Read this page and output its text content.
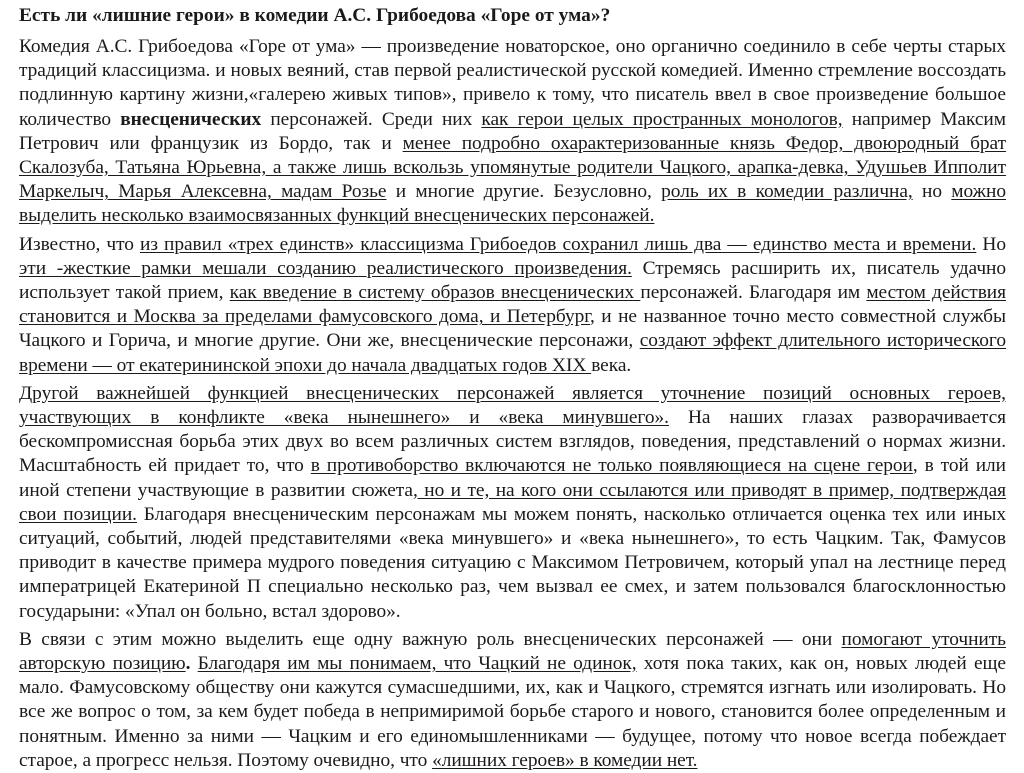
Есть ли «лишние герои» в комедии А.С. Грибоедова «Горе от ума»?

Комедия А.С. Грибоедова «Горе от ума» — произведение новаторское, оно органично соединило в себе черты старых традиций классицизма. и новых веяний, став первой реалистической русской комедией. Именно стремление воссоздать подлинную картину жизни,«галерею живых типов», привело к тому, что писатель ввел в свое произведение большое количество внесценических персонажей. Среди них как герои целых пространных монологов, например Максим Петрович или французик из Бордо, так и менее подробно охарактеризованные князь Федор, двоюродный брат Скалозуба, Татьяна Юрьевна, а также лишь вскользь упомянутые родители Чацкого, арапка-девка, Удушьев Ипполит Маркелыч, Марья Алексевна, мадам Розье и многие другие. Безусловно, роль их в комедии различна, но можно выделить несколько взаимосвязанных функций внесценических персонажей.

Известно, что из правил «трех единств» классицизма Грибоедов сохранил лишь два — единство места и времени. Но эти -жесткие рамки мешали созданию реалистического произведения. Стремясь расширить их, писатель удачно использует такой прием, как введение в систему образов внесценических персонажей. Благодаря им местом действия становится и Москва за пределами фамусовского дома, и Петербург, и не названное точно место совместной службы Чацкого и Горича, и многие другие. Они же, внесценические персонажи, создают эффект длительного исторического времени — от екатерининской эпохи до начала двадцатых годов XIX века.

Другой важнейшей функцией внесценических персонажей является уточнение позиций основных героев, участвующих в конфликте «века нынешнего» и «века минувшего». На наших глазах разворачивается бескомпромиссная борьба этих двух во всем различных систем взглядов, поведения, представлений о нормах жизни. Масштабность ей придает то, что в противоборство включаются не только появляющиеся на сцене герои, в той или иной степени участвующие в развитии сюжета, но и те, на кого они ссылаются или приводят в пример, подтверждая свои позиции. Благодаря внесценическим персонажам мы можем понять, насколько отличается оценка тех или иных ситуаций, событий, людей представителями «века минувшего» и «века нынешнего», то есть Чацким. Так, Фамусов приводит в качестве примера мудрого поведения ситуацию с Максимом Петровичем, который упал на лестнице перед императрицей Екатериной П специально несколько раз, чем вызвал ее смех, и затем пользовался благосклонностью государыни: «Упал он больно, встал здорово».

В связи с этим можно выделить еще одну важную роль внесценических персонажей — они помогают уточнить авторскую позицию. Благодаря им мы понимаем, что Чацкий не одинок, хотя пока таких, как он, новых людей еще мало. Фамусовскому обществу они кажутся сумасшедшими, их, как и Чацкого, стремятся изгнать или изолировать. Но все же вопрос о том, за кем будет победа в непримиримой борьбе старого и нового, становится более определенным и понятным. Именно за ними — Чацким и его единомышленниками — будущее, потому что новое всегда побеждает старое, а прогресс нельзя. Поэтому очевидно, что «лишних героев» в комедии нет.
